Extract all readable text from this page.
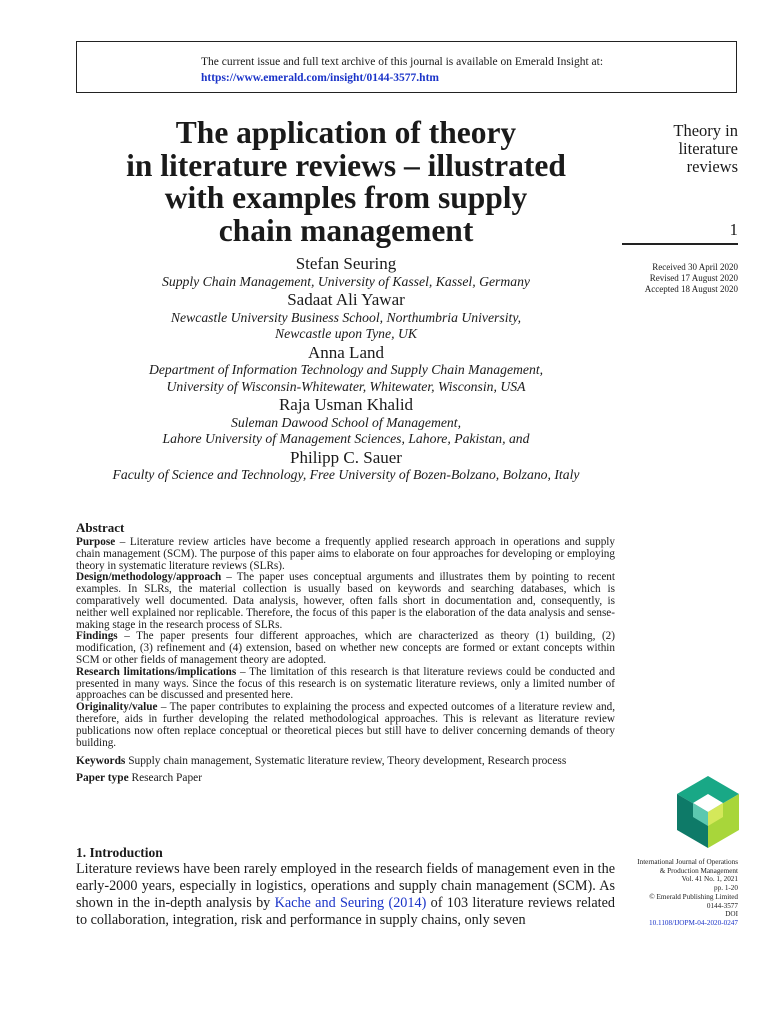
The current issue and full text archive of this journal is available on Emerald Insight at:
https://www.emerald.com/insight/0144-3577.htm
The application of theory
in literature reviews – illustrated
with examples from supply
chain management
Theory in
literature
reviews
1
Received 30 April 2020
Revised 17 August 2020
Accepted 18 August 2020
Stefan Seuring
Supply Chain Management, University of Kassel, Kassel, Germany
Sadaat Ali Yawar
Newcastle University Business School, Northumbria University,
Newcastle upon Tyne, UK
Anna Land
Department of Information Technology and Supply Chain Management,
University of Wisconsin-Whitewater, Whitewater, Wisconsin, USA
Raja Usman Khalid
Suleman Dawood School of Management,
Lahore University of Management Sciences, Lahore, Pakistan, and
Philipp C. Sauer
Faculty of Science and Technology, Free University of Bozen-Bolzano, Bolzano, Italy
Abstract

Purpose – Literature review articles have become a frequently applied research approach in operations and supply chain management (SCM). The purpose of this paper aims to elaborate on four approaches for developing or employing theory in systematic literature reviews (SLRs).

Design/methodology/approach – The paper uses conceptual arguments and illustrates them by pointing to recent examples. In SLRs, the material collection is usually based on keywords and searching databases, which is comparatively well documented. Data analysis, however, often falls short in documentation and, consequently, is neither well explained nor replicable. Therefore, the focus of this paper is the elaboration of the data analysis and sense-making stage in the research process of SLRs.

Findings – The paper presents four different approaches, which are characterized as theory (1) building, (2) modification, (3) refinement and (4) extension, based on whether new concepts are formed or extant concepts within SCM or other fields of management theory are adopted.

Research limitations/implications – The limitation of this research is that literature reviews could be conducted and presented in many ways. Since the focus of this research is on systematic literature reviews, only a limited number of approaches can be discussed and presented here.

Originality/value – The paper contributes to explaining the process and expected outcomes of a literature review and, therefore, aids in further developing the related methodological approaches. This is relevant as literature review publications now often replace conceptual or theoretical pieces but still have to deliver concerning demands of theory building.

Keywords Supply chain management, Systematic literature review, Theory development, Research process
Paper type Research Paper
1. Introduction

Literature reviews have been rarely employed in the research fields of management even in the early-2000 years, especially in logistics, operations and supply chain management (SCM). As shown in the in-depth analysis by Kache and Seuring (2014) of 103 literature reviews related to collaboration, integration, risk and performance in supply chains, only seven

International Journal of Operations
& Production Management
Vol. 41 No. 1, 2021
pp. 1-20
© Emerald Publishing Limited
0144-3577
DOI
10.1108/IJOPM-04-2020-0247
